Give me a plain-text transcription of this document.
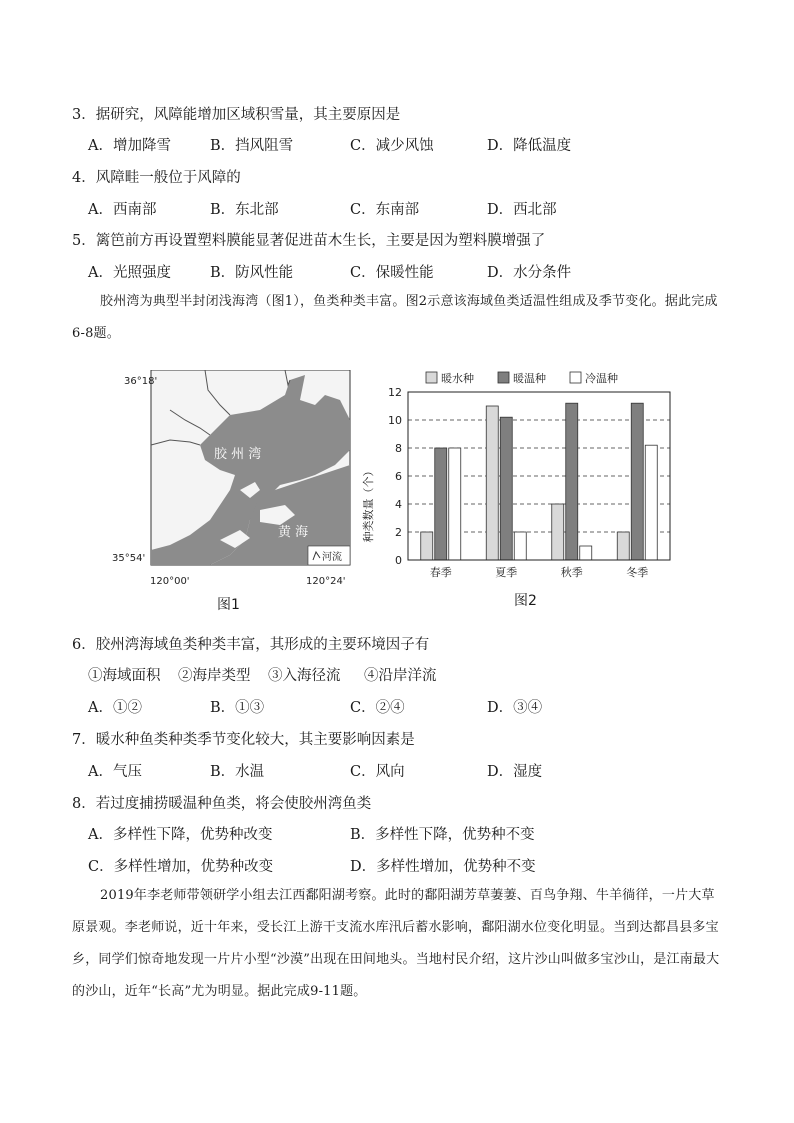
3．据研究，风障能增加区域积雪量，其主要原因是
A．增加降雪	B．挡风阻雪	C．减少风蚀	D．降低温度
4．风障畦一般位于风障的
A．西南部	B．东北部	C．东南部	D．西北部
5．篱笆前方再设置塑料膜能显著促进苗木生长，主要是因为塑料膜增强了
A．光照强度	B．防风性能	C．保暖性能	D．水分条件
胶州湾为典型半封闭浅海湾（图1），鱼类种类丰富。图2示意该海域鱼类适温性组成及季节变化。据此完成6-8题。
36°18'
35°54'
120°00'	120°24'
胶 州 湾
黄 海
河流
图1
暖水种	暖温种	冷温种
0
2
4
6
8
10
12
春季	夏季	秋季	冬季
种类数量（个）
图2
6．胶州湾海域鱼类种类丰富，其形成的主要环境因子有
①海域面积 ②海岸类型 ③入海径流 ④沿岸洋流
A．①②	B．①③	C．②④	D．③④
7．暖水种鱼类种类季节变化较大，其主要影响因素是
A．气压	B．水温	C．风向	D．湿度
8．若过度捕捞暖温种鱼类，将会使胶州湾鱼类
A．多样性下降，优势种改变	B．多样性下降，优势种不变
C．多样性增加，优势种改变	D．多样性增加，优势种不变
2019年李老师带领研学小组去江西鄱阳湖考察。此时的鄱阳湖芳草萋萋、百鸟争翔、牛羊徜徉，一片大草原景观。李老师说，近十年来，受长江上游干支流水库汛后蓄水影响，鄱阳湖水位变化明显。当到达都昌县多宝乡，同学们惊奇地发现一片片小型“沙漠”出现在田间地头。当地村民介绍，这片沙山叫做多宝沙山，是江南最大的沙山，近年“长高”尤为明显。据此完成9-11题。
